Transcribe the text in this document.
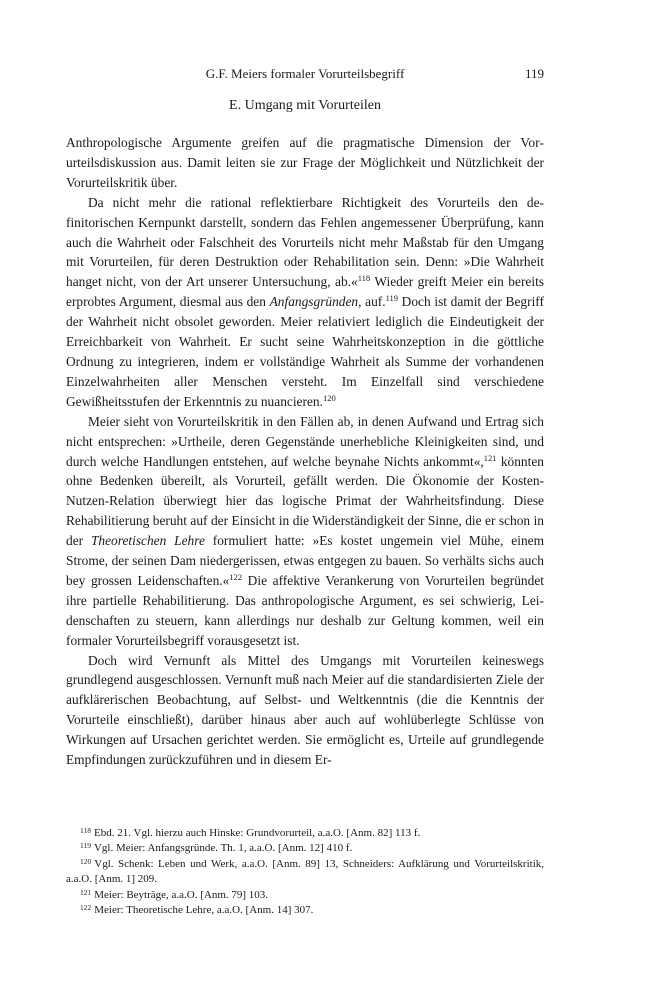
G.F. Meiers formaler Vorurteilsbegriff	119
E. Umgang mit Vorurteilen

Anthropologische Argumente greifen auf die pragmatische Dimension der Vorurteilsdiskussion aus. Damit leiten sie zur Frage der Möglichkeit und Nützlichkeit der Vorurteilskritik über.

Da nicht mehr die rational reflektierbare Richtigkeit des Vorurteils den definitorischen Kernpunkt darstellt, sondern das Fehlen angemessener Überprüfung, kann auch die Wahrheit oder Falschheit des Vorurteils nicht mehr Maßstab für den Umgang mit Vorurteilen, für deren Destruktion oder Rehabilitation sein. Denn: »Die Wahrheit hanget nicht, von der Art unserer Untersuchung, ab.«$^{118}$ Wieder greift Meier ein bereits erprobtes Argument, diesmal aus den Anfangsgründen, auf.$^{119}$ Doch ist damit der Begriff der Wahrheit nicht obsolet geworden. Meier relativiert lediglich die Eindeutigkeit der Erreichbarkeit von Wahrheit. Er sucht seine Wahrheitskonzeption in die göttliche Ordnung zu integrieren, indem er vollständige Wahrheit als Summe der vorhandenen Einzelwahrheiten aller Menschen versteht. Im Einzelfall sind verschiedene Gewißheitsstufen der Erkenntnis zu nuancieren.$^{120}$

Meier sieht von Vorurteilskritik in den Fällen ab, in denen Aufwand und Ertrag sich nicht entsprechen: »Urtheile, deren Gegenstände unerhebliche Kleinigkeiten sind, und durch welche Handlungen entstehen, auf welche beynahe Nichts ankommt«,$^{121}$ könnten ohne Bedenken übereilt, als Vorurteil, gefällt werden. Die Ökonomie der Kosten-Nutzen-Relation überwiegt hier das logische Primat der Wahrheitsfindung. Diese Rehabilitierung beruht auf der Einsicht in die Widerständigkeit der Sinne, die er schon in der Theoretischen Lehre formuliert hatte: »Es kostet ungemein viel Mühe, einem Strome, der seinen Dam niedergerissen, etwas entgegen zu bauen. So verhälts sichs auch bey grossen Leidenschaften.«$^{122}$ Die affektive Verankerung von Vorurteilen begründet ihre partielle Rehabilitierung. Das anthropologische Argument, es sei schwierig, Leidenschaften zu steuern, kann allerdings nur deshalb zur Geltung kommen, weil ein formaler Vorurteilsbegriff vorausgesetzt ist.

Doch wird Vernunft als Mittel des Umgangs mit Vorurteilen keineswegs grundlegend ausgeschlossen. Vernunft muß nach Meier auf die standardisierten Ziele der aufklärerischen Beobachtung, auf Selbst- und Weltkenntnis (die die Kenntnis der Vorurteile einschließt), darüber hinaus aber auch auf wohlüberlegte Schlüsse von Wirkungen auf Ursachen gerichtet werden. Sie ermöglicht es, Urteile auf grundlegende Empfindungen zurückzuführen und in diesem Er-

$^{118}$ Ebd. 21. Vgl. hierzu auch Hinske: Grundvorurteil, a.a.O. [Anm. 82] 113 f.

$^{119}$ Vgl. Meier: Anfangsgründe. Th. 1, a.a.O. [Anm. 12] 410 f.

$^{120}$ Vgl. Schenk: Leben und Werk, a.a.O. [Anm. 89] 13, Schneiders: Aufklärung und Vorurteilskritik, a.a.O. [Anm. 1] 209.

$^{121}$ Meier: Beyträge, a.a.O. [Anm. 79] 103.

$^{122}$ Meier: Theoretische Lehre, a.a.O. [Anm. 14] 307.
